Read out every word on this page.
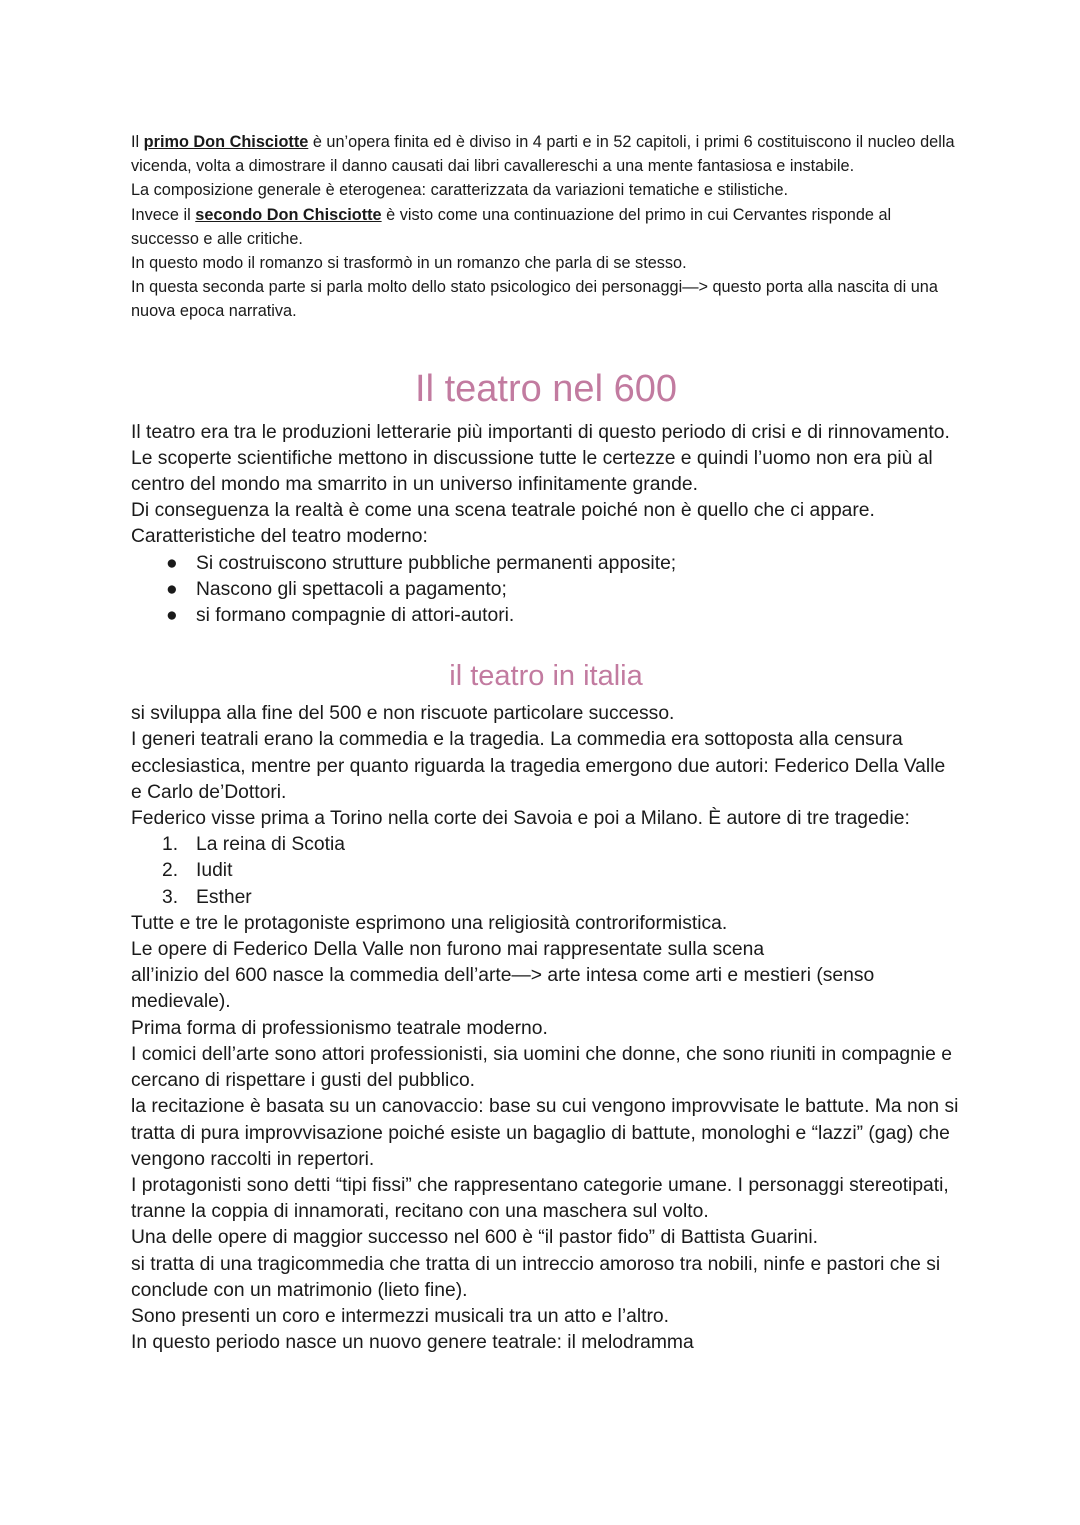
Il primo Don Chisciotte è un’opera finita ed è diviso in 4 parti e in 52 capitoli, i primi 6 costituiscono il nucleo della vicenda, volta a dimostrare il danno causati dai libri cavallereschi a una mente fantasiosa e instabile.

La composizione generale è eterogenea: caratterizzata da variazioni tematiche e stilistiche.

Invece il secondo Don Chisciotte è visto come una continuazione del primo in cui Cervantes risponde al successo e alle critiche.

In questo modo il romanzo si trasformò in un romanzo che parla di se stesso.

In questa seconda parte si parla molto dello stato psicologico dei personaggi—> questo porta alla nascita di una nuova epoca narrativa.

Il teatro nel 600

Il teatro era tra le produzioni letterarie più importanti di questo periodo di crisi e di rinnovamento. Le scoperte scientifiche mettono in discussione tutte le certezze e quindi l’uomo non era più al centro del mondo ma smarrito in un universo infinitamente grande.

Di conseguenza la realtà è come una scena teatrale poiché non è quello che ci appare.

Caratteristiche del teatro moderno:

● Si costruiscono strutture pubbliche permanenti apposite;
● Nascono gli spettacoli a pagamento;
● si formano compagnie di attori-autori.
il teatro in italia

si sviluppa alla fine del 500 e non riscuote particolare successo.

I generi teatrali erano la commedia e la tragedia. La commedia era sottoposta alla censura ecclesiastica, mentre per quanto riguarda la tragedia emergono due autori: Federico Della Valle e Carlo de’Dottori.

Federico visse prima a Torino nella corte dei Savoia e poi a Milano. È autore di tre tragedie:

1. La reina di Scotia
2. Iudit
3. Esther

Tutte e tre le protagoniste esprimono una religiosità controriformistica.

Le opere di Federico Della Valle non furono mai rappresentate sulla scena

all’inizio del 600 nasce la commedia dell’arte—> arte intesa come arti e mestieri (senso medievale).

Prima forma di professionismo teatrale moderno.

I comici dell’arte sono attori professionisti, sia uomini che donne, che sono riuniti in compagnie e cercano di rispettare i gusti del pubblico.

la recitazione è basata su un canovaccio: base su cui vengono improvvisate le battute. Ma non si tratta di pura improvvisazione poiché esiste un bagaglio di battute, monologhi e “lazzi” (gag) che vengono raccolti in repertori.

I protagonisti sono detti “tipi fissi” che rappresentano categorie umane. I personaggi stereotipati, tranne la coppia di innamorati, recitano con una maschera sul volto.

Una delle opere di maggior successo nel 600 è “il pastor fido” di Battista Guarini.

si tratta di una tragicommedia che tratta di un intreccio amoroso tra nobili, ninfe e pastori che si conclude con un matrimonio (lieto fine).

Sono presenti un coro e intermezzi musicali tra un atto e l’altro.

In questo periodo nasce un nuovo genere teatrale: il melodramma
